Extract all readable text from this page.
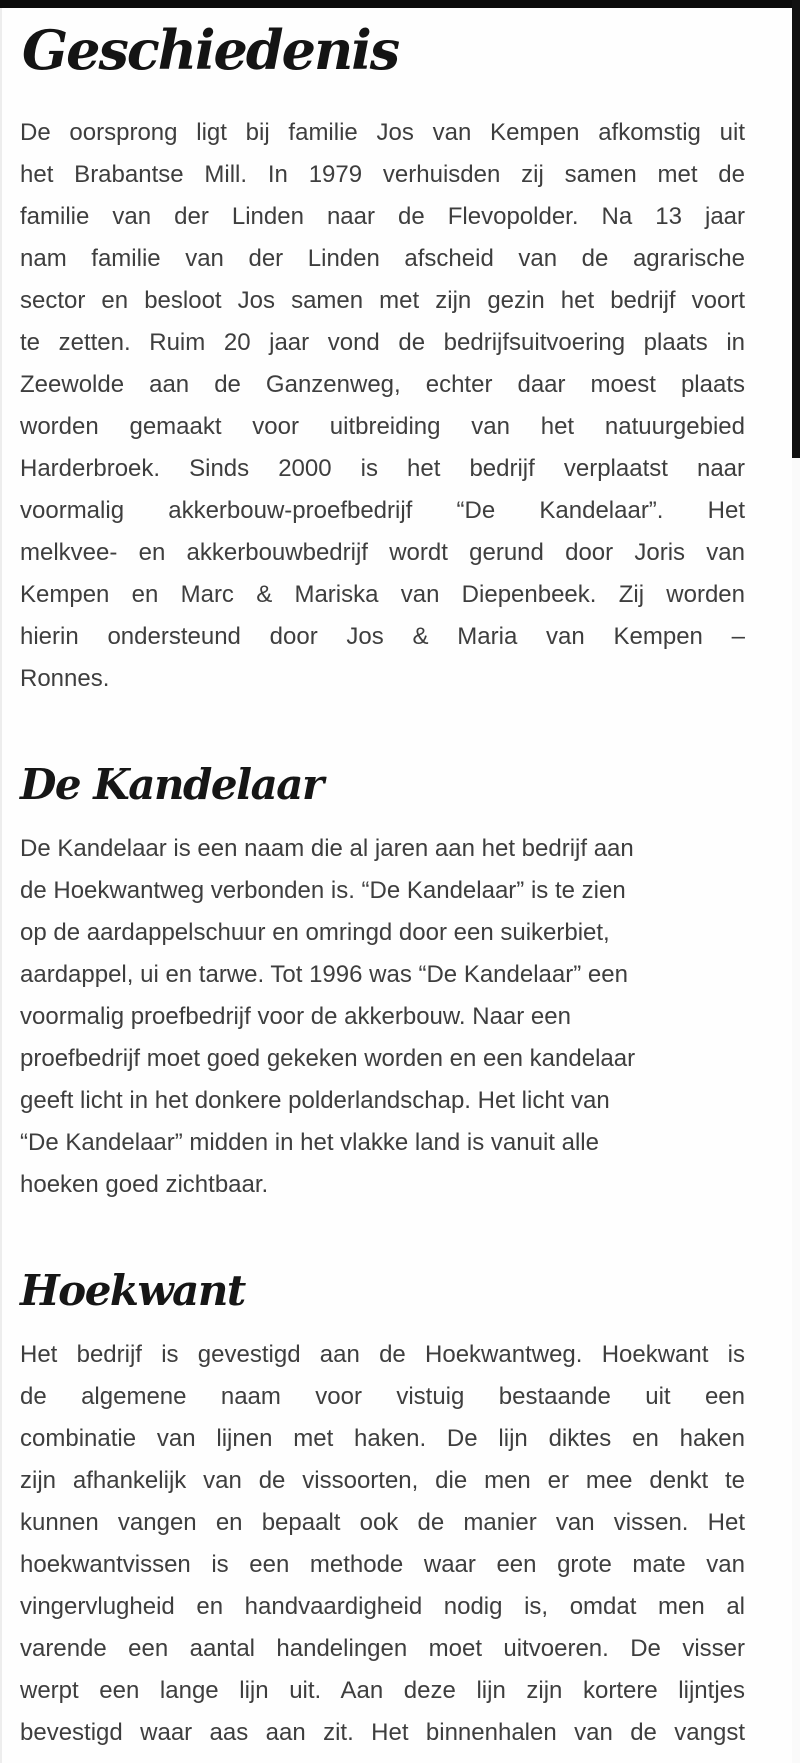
Geschiedenis
De oorsprong ligt bij familie Jos van Kempen afkomstig uit
het Brabantse Mill. In 1979 verhuisden zij samen met de
familie van der Linden naar de Flevopolder. Na 13 jaar
nam familie van der Linden afscheid van de agrarische
sector en besloot Jos samen met zijn gezin het bedrijf voort
te zetten. Ruim 20 jaar vond de bedrijfsuitvoering plaats in
Zeewolde aan de Ganzenweg, echter daar moest plaats
worden gemaakt voor uitbreiding van het natuurgebied
Harderbroek. Sinds 2000 is het bedrijf verplaatst naar
voormalig akkerbouw-proefbedrijf “De Kandelaar”. Het
melkvee- en akkerbouwbedrijf wordt gerund door Joris van
Kempen en Marc & Mariska van Diepenbeek. Zij worden
hierin ondersteund door Jos & Maria van Kempen –
Ronnes.
De Kandelaar
De Kandelaar is een naam die al jaren aan het bedrijf aan
de Hoekwantweg verbonden is. “De Kandelaar” is te zien
op de aardappelschuur en omringd door een suikerbiet,
aardappel, ui en tarwe. Tot 1996 was “De Kandelaar” een
voormalig proefbedrijf voor de akkerbouw. Naar een
proefbedrijf moet goed gekeken worden en een kandelaar
geeft licht in het donkere polderlandschap. Het licht van
“De Kandelaar” midden in het vlakke land is vanuit alle
hoeken goed zichtbaar.
Hoekwant
Het bedrijf is gevestigd aan de Hoekwantweg. Hoekwant is
de algemene naam voor vistuig bestaande uit een
combinatie van lijnen met haken. De lijn diktes en haken
zijn afhankelijk van de vissoorten, die men er mee denkt te
kunnen vangen en bepaalt ook de manier van vissen. Het
hoekwantvissen is een methode waar een grote mate van
vingervlugheid en handvaardigheid nodig is, omdat men al
varende een aantal handelingen moet uitvoeren. De visser
werpt een lange lijn uit. Aan deze lijn zijn kortere lijntjes
bevestigd waar aas aan zit. Het binnenhalen van de vangst
